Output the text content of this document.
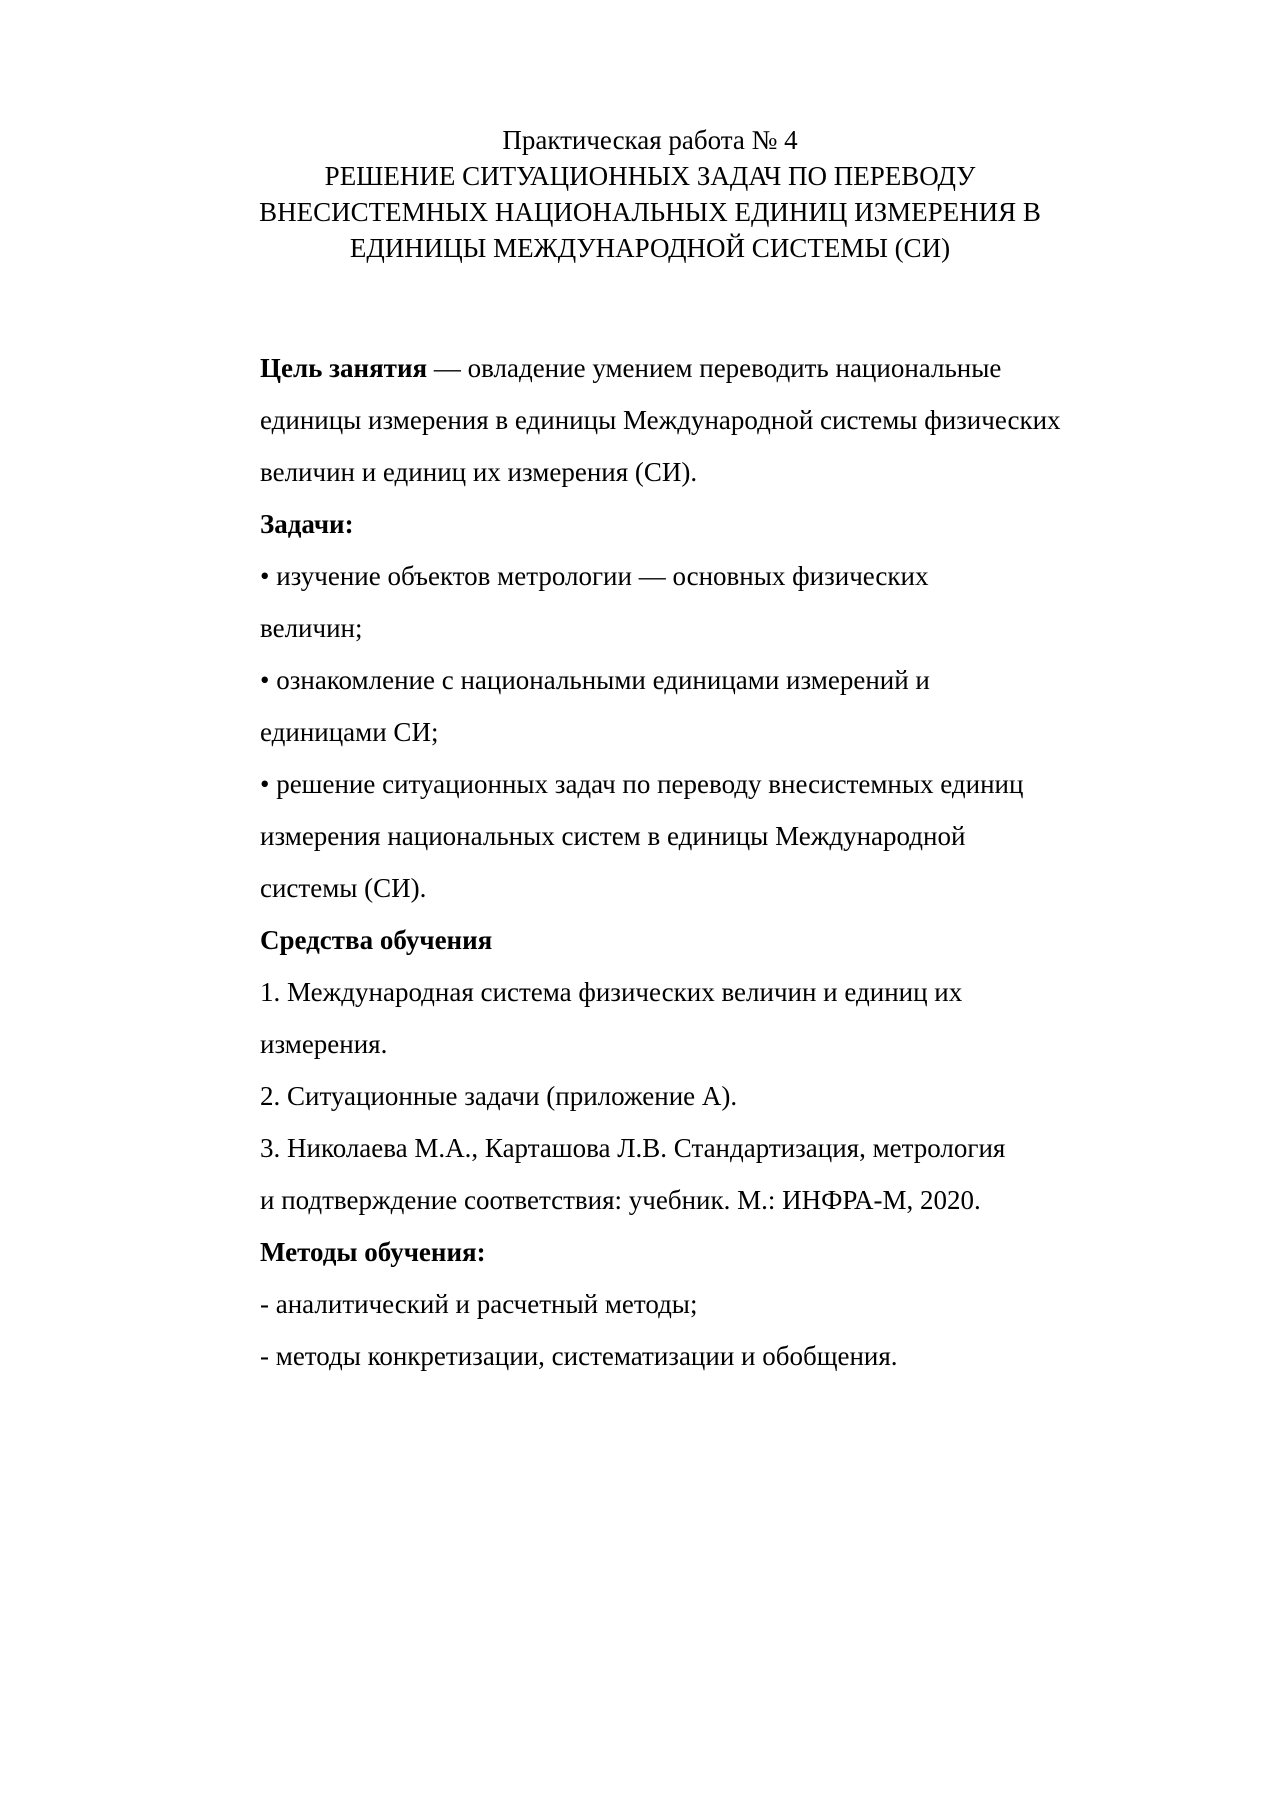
Практическая работа № 4
РЕШЕНИЕ СИТУАЦИОННЫХ ЗАДАЧ ПО ПЕРЕВОДУ
ВНЕСИСТЕМНЫХ НАЦИОНАЛЬНЫХ ЕДИНИЦ ИЗМЕРЕНИЯ В
ЕДИНИЦЫ МЕЖДУНАРОДНОЙ СИСТЕМЫ (СИ)
Цель занятия — овладение умением переводить национальные
единицы измерения в единицы Международной системы физических
величин и единиц их измерения (СИ).
Задачи:
• изучение объектов метрологии — основных физических
величин;
• ознакомление с национальными единицами измерений и
единицами СИ;
• решение ситуационных задач по переводу внесистемных единиц
измерения национальных систем в единицы Международной
системы (СИ).
Средства обучения
1. Международная система физических величин и единиц их
измерения.
2. Ситуационные задачи (приложение А).
3. Николаева М.А., Карташова Л.В. Стандартизация, метрология
и подтверждение соответствия: учебник. М.: ИНФРА-М, 2020.
Методы обучения:
- аналитический и расчетный методы;
- методы конкретизации, систематизации и обобщения.
